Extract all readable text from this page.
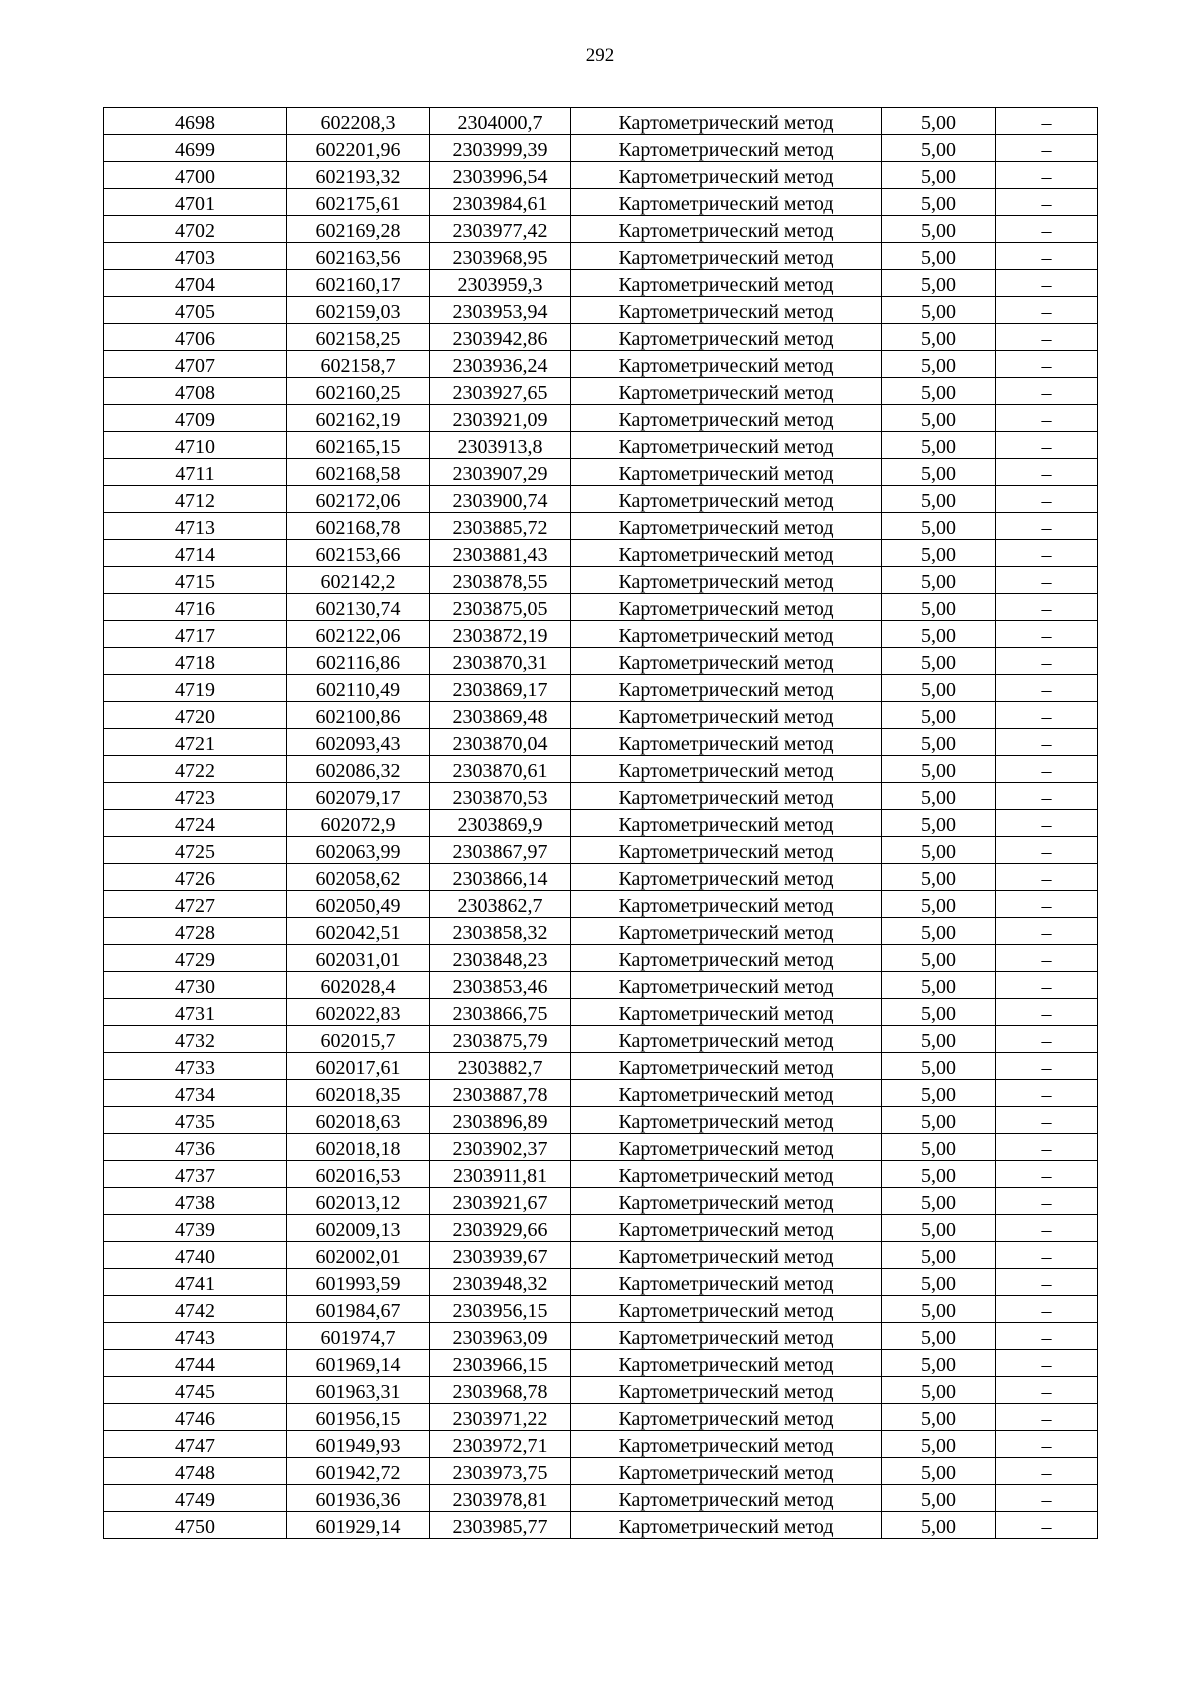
292
4698	602208,3	2304000,7	Картометрический метод	5,00	–
4699	602201,96	2303999,39	Картометрический метод	5,00	–
4700	602193,32	2303996,54	Картометрический метод	5,00	–
4701	602175,61	2303984,61	Картометрический метод	5,00	–
4702	602169,28	2303977,42	Картометрический метод	5,00	–
4703	602163,56	2303968,95	Картометрический метод	5,00	–
4704	602160,17	2303959,3	Картометрический метод	5,00	–
4705	602159,03	2303953,94	Картометрический метод	5,00	–
4706	602158,25	2303942,86	Картометрический метод	5,00	–
4707	602158,7	2303936,24	Картометрический метод	5,00	–
4708	602160,25	2303927,65	Картометрический метод	5,00	–
4709	602162,19	2303921,09	Картометрический метод	5,00	–
4710	602165,15	2303913,8	Картометрический метод	5,00	–
4711	602168,58	2303907,29	Картометрический метод	5,00	–
4712	602172,06	2303900,74	Картометрический метод	5,00	–
4713	602168,78	2303885,72	Картометрический метод	5,00	–
4714	602153,66	2303881,43	Картометрический метод	5,00	–
4715	602142,2	2303878,55	Картометрический метод	5,00	–
4716	602130,74	2303875,05	Картометрический метод	5,00	–
4717	602122,06	2303872,19	Картометрический метод	5,00	–
4718	602116,86	2303870,31	Картометрический метод	5,00	–
4719	602110,49	2303869,17	Картометрический метод	5,00	–
4720	602100,86	2303869,48	Картометрический метод	5,00	–
4721	602093,43	2303870,04	Картометрический метод	5,00	–
4722	602086,32	2303870,61	Картометрический метод	5,00	–
4723	602079,17	2303870,53	Картометрический метод	5,00	–
4724	602072,9	2303869,9	Картометрический метод	5,00	–
4725	602063,99	2303867,97	Картометрический метод	5,00	–
4726	602058,62	2303866,14	Картометрический метод	5,00	–
4727	602050,49	2303862,7	Картометрический метод	5,00	–
4728	602042,51	2303858,32	Картометрический метод	5,00	–
4729	602031,01	2303848,23	Картометрический метод	5,00	–
4730	602028,4	2303853,46	Картометрический метод	5,00	–
4731	602022,83	2303866,75	Картометрический метод	5,00	–
4732	602015,7	2303875,79	Картометрический метод	5,00	–
4733	602017,61	2303882,7	Картометрический метод	5,00	–
4734	602018,35	2303887,78	Картометрический метод	5,00	–
4735	602018,63	2303896,89	Картометрический метод	5,00	–
4736	602018,18	2303902,37	Картометрический метод	5,00	–
4737	602016,53	2303911,81	Картометрический метод	5,00	–
4738	602013,12	2303921,67	Картометрический метод	5,00	–
4739	602009,13	2303929,66	Картометрический метод	5,00	–
4740	602002,01	2303939,67	Картометрический метод	5,00	–
4741	601993,59	2303948,32	Картометрический метод	5,00	–
4742	601984,67	2303956,15	Картометрический метод	5,00	–
4743	601974,7	2303963,09	Картометрический метод	5,00	–
4744	601969,14	2303966,15	Картометрический метод	5,00	–
4745	601963,31	2303968,78	Картометрический метод	5,00	–
4746	601956,15	2303971,22	Картометрический метод	5,00	–
4747	601949,93	2303972,71	Картометрический метод	5,00	–
4748	601942,72	2303973,75	Картометрический метод	5,00	–
4749	601936,36	2303978,81	Картометрический метод	5,00	–
4750	601929,14	2303985,77	Картометрический метод	5,00	–
